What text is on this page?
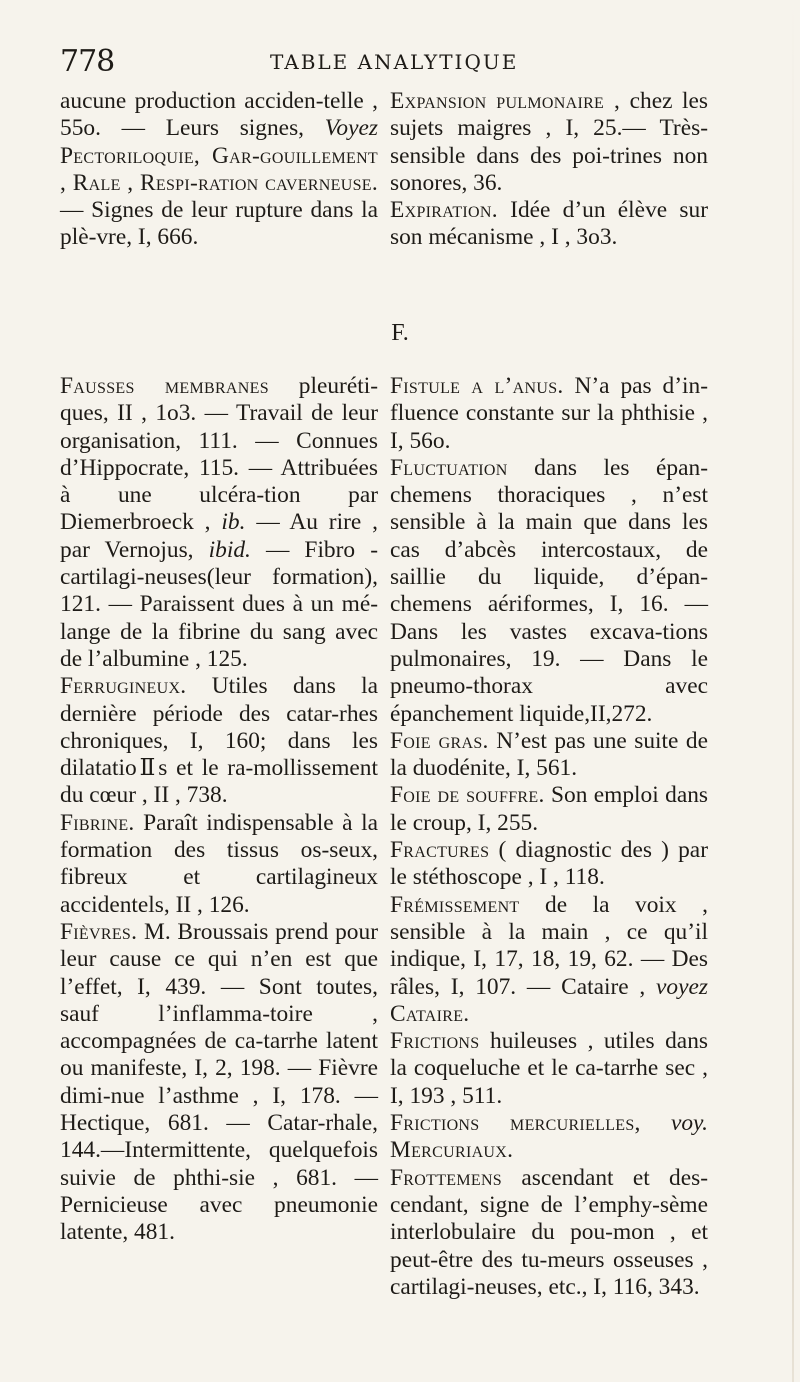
778	TABLE ANALYTIQUE

aucune production acciden-telle , 55o. — Leurs signes, Voyez Pectoriloquie, Gar-gouillement , Rale , Respi-ration caverneuse. — Signes de leur rupture dans la plè-vre, I, 666.

Expansion pulmonaire , chez les sujets maigres , I, 25.— Très-sensible dans des poi-trines non sonores, 36.

Expiration. Idée d’un élève sur son mécanisme , I , 3o3.

F.

Fausses membranes pleuréti-ques, II , 1o3. — Travail de leur organisation, 111. — Connues d’Hippocrate, 115. — Attribuées à une ulcéra-tion par Diemerbroeck , ib. — Au rire , par Vernojus, ibid. — Fibro - cartilagi-neuses(leur formation), 121. — Paraissent dues à un mé-lange de la fibrine du sang avec de l’albumine , 125.

Ferrugineux. Utiles dans la dernière période des catar-rhes chroniques, I, 160; dans les dilatatioⅡs et le ra-mollissement du cœur , II , 738.

Fibrine. Paraît indispensable à la formation des tissus os-seux, fibreux et cartilagineux accidentels, II , 126.

Fièvres. M. Broussais prend pour leur cause ce qui n’en est que l’effet, I, 439. — Sont toutes, sauf l’inflamma-toire , accompagnées de ca-tarrhe latent ou manifeste, I, 2, 198. — Fièvre dimi-nue l’asthme , I, 178. — Hectique, 681. — Catar-rhale, 144.—Intermittente, quelquefois suivie de phthi-sie , 681. —Pernicieuse avec pneumonie latente, 481.

Fistule a l’anus. N’a pas d’in-fluence constante sur la phthisie , I, 56o.

Fluctuation dans les épan-chemens thoraciques , n’est sensible à la main que dans les cas d’abcès intercostaux, de saillie du liquide, d’épan-chemens aériformes, I, 16. — Dans les vastes excava-tions pulmonaires, 19. — Dans le pneumo-thorax avec épanchement liquide,II,272.

Foie gras. N’est pas une suite de la duodénite, I, 561.

Foie de souffre. Son emploi dans le croup, I, 255.

Fractures ( diagnostic des ) par le stéthoscope , I , 118.

Frémissement de la voix , sensible à la main , ce qu’il indique, I, 17, 18, 19, 62. — Des râles, I, 107. — Cataire , voyez Cataire.

Frictions huileuses , utiles dans la coqueluche et le ca-tarrhe sec , I, 193 , 511.

Frictions mercurielles, voy. Mercuriaux.

Frottemens ascendant et des-cendant, signe de l’emphy-sème interlobulaire du pou-mon , et peut-être des tu-meurs osseuses , cartilagi-neuses, etc., I, 116, 343.
